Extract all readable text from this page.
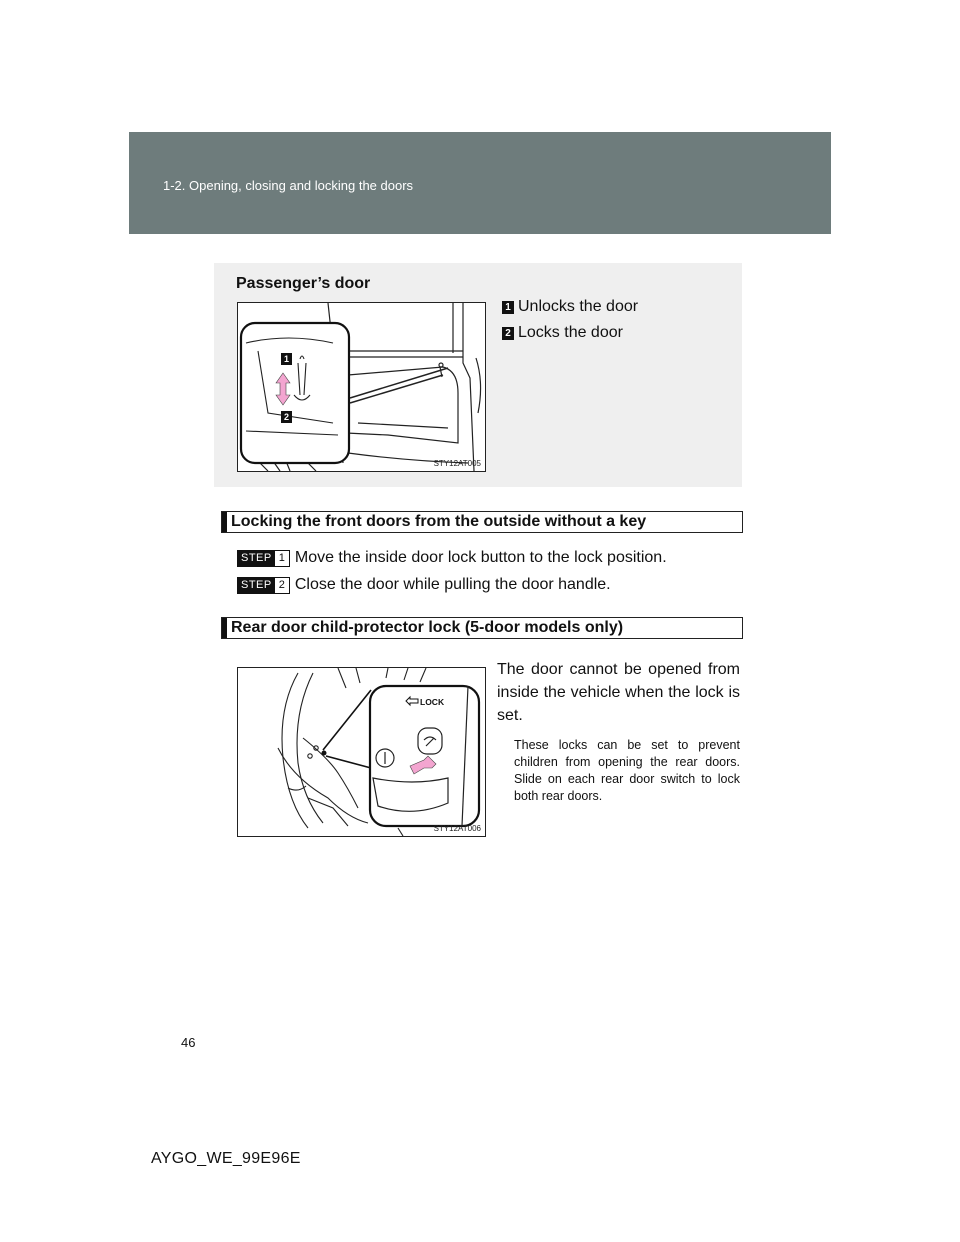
1-2. Opening, closing and locking the doors
Passenger’s door
1
2
STY12AT005
1 Unlocks the door
2 Locks the door
Locking the front doors from the outside without a key
STEP 1 Move the inside door lock button to the lock position.
STEP 2 Close the door while pulling the door handle.
Rear door child-protector lock (5-door models only)
LOCK
STY12AT006
The door cannot be opened from inside the vehicle when the lock is set.
These locks can be set to prevent children from opening the rear doors. Slide on each rear door switch to lock both rear doors.
46
AYGO_WE_99E96E
